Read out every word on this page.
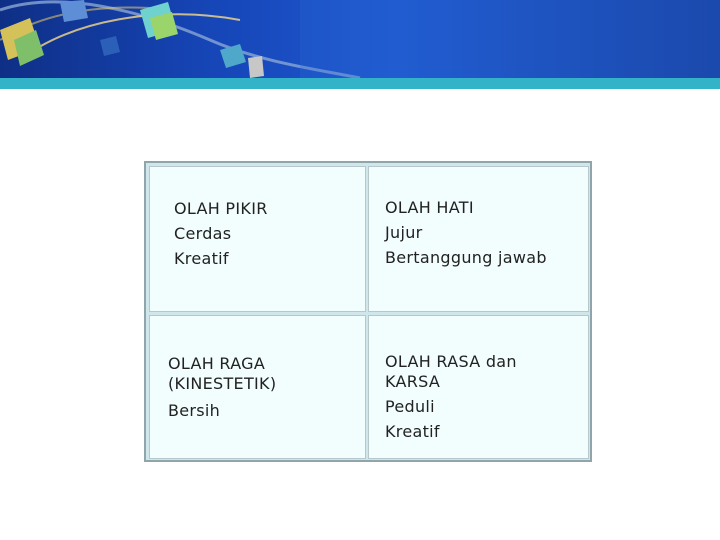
OLAH PIKIR

Cerdas

Kreatif

OLAH HATI

Jujur

Bertanggung jawab

OLAH RAGA

(KINESTETIK)

Bersih

OLAH RASA dan

KARSA

Peduli

Kreatif
